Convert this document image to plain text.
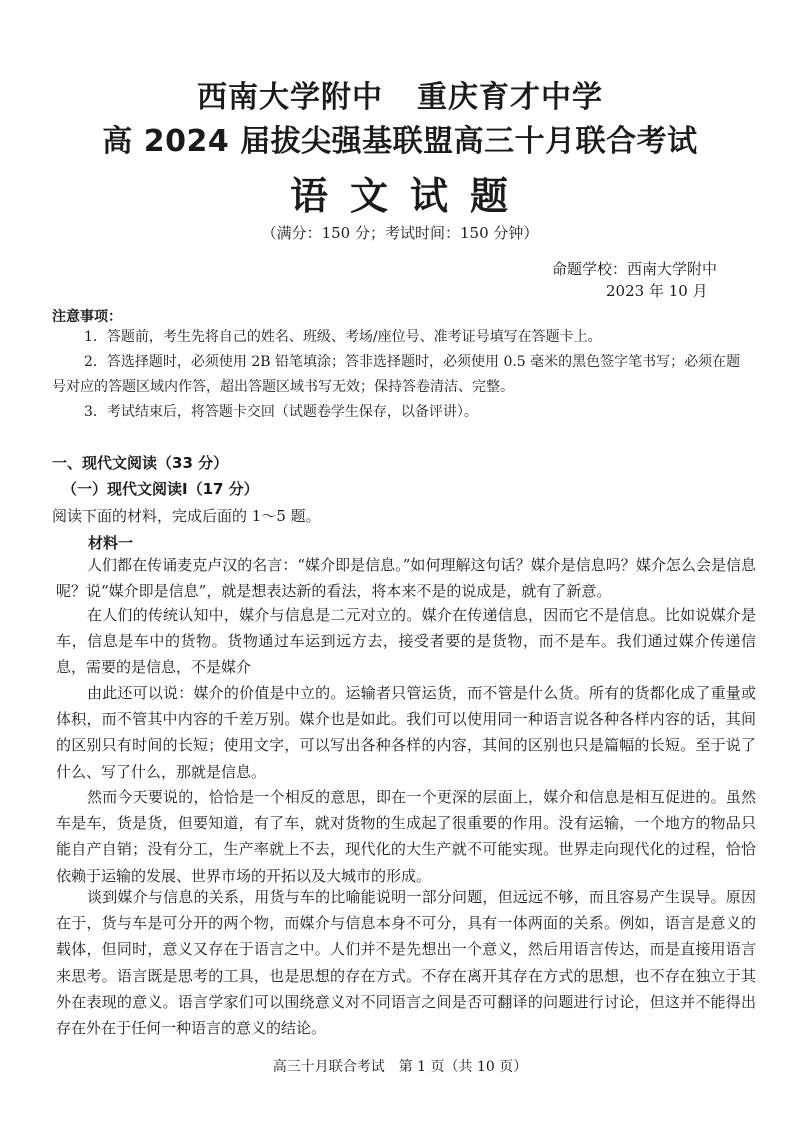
西南大学附中 重庆育才中学
高 2024 届拔尖强基联盟高三十月联合考试
语文试题
（满分：150 分；考试时间：150 分钟）
命题学校：西南大学附中
2023 年 10 月
注意事项：
1．答题前，考生先将自己的姓名、班级、考场/座位号、准考证号填写在答题卡上。
2．答选择题时，必须使用 2B 铅笔填涂；答非选择题时，必须使用 0.5 毫米的黑色签字笔书写；必须在题号对应的答题区域内作答，超出答题区域书写无效；保持答卷清洁、完整。
3．考试结束后，将答题卡交回（试题卷学生保存，以备评讲）。
一、现代文阅读（33 分）
（一）现代文阅读Ⅰ（17 分）
阅读下面的材料，完成后面的 1～5 题。
材料一
人们都在传诵麦克卢汉的名言：“媒介即是信息。”如何理解这句话？媒介是信息吗？媒介怎么会是信息呢？说“媒介即是信息”，就是想表达新的看法，将本来不是的说成是，就有了新意。
在人们的传统认知中，媒介与信息是二元对立的。媒介在传递信息，因而它不是信息。比如说媒介是车，信息是车中的货物。货物通过车运到远方去，接受者要的是货物，而不是车。我们通过媒介传递信息，需要的是信息，不是媒介
由此还可以说：媒介的价值是中立的。运输者只管运货，而不管是什么货。所有的货都化成了重量或体积，而不管其中内容的千差万别。媒介也是如此。我们可以使用同一种语言说各种各样内容的话，其间的区别只有时间的长短；使用文字，可以写出各种各样的内容，其间的区别也只是篇幅的长短。至于说了什么、写了什么，那就是信息。
然而今天要说的，恰恰是一个相反的意思，即在一个更深的层面上，媒介和信息是相互促进的。虽然车是车，货是货，但要知道，有了车，就对货物的生成起了很重要的作用。没有运输，一个地方的物品只能自产自销；没有分工，生产率就上不去，现代化的大生产就不可能实现。世界走向现代化的过程，恰恰依赖于运输的发展、世界市场的开拓以及大城市的形成。
谈到媒介与信息的关系，用货与车的比喻能说明一部分问题，但远远不够，而且容易产生误导。原因在于，货与车是可分开的两个物，而媒介与信息本身不可分，具有一体两面的关系。例如，语言是意义的载体，但同时，意义又存在于语言之中。人们并不是先想出一个意义，然后用语言传达，而是直接用语言来思考。语言既是思考的工具，也是思想的存在方式。不存在离开其存在方式的思想，也不存在独立于其外在表现的意义。语言学家们可以围绕意义对不同语言之间是否可翻译的问题进行讨论，但这并不能得出存在外在于任何一种语言的意义的结论。
高三十月联合考试　第 1 页（共 10 页）
